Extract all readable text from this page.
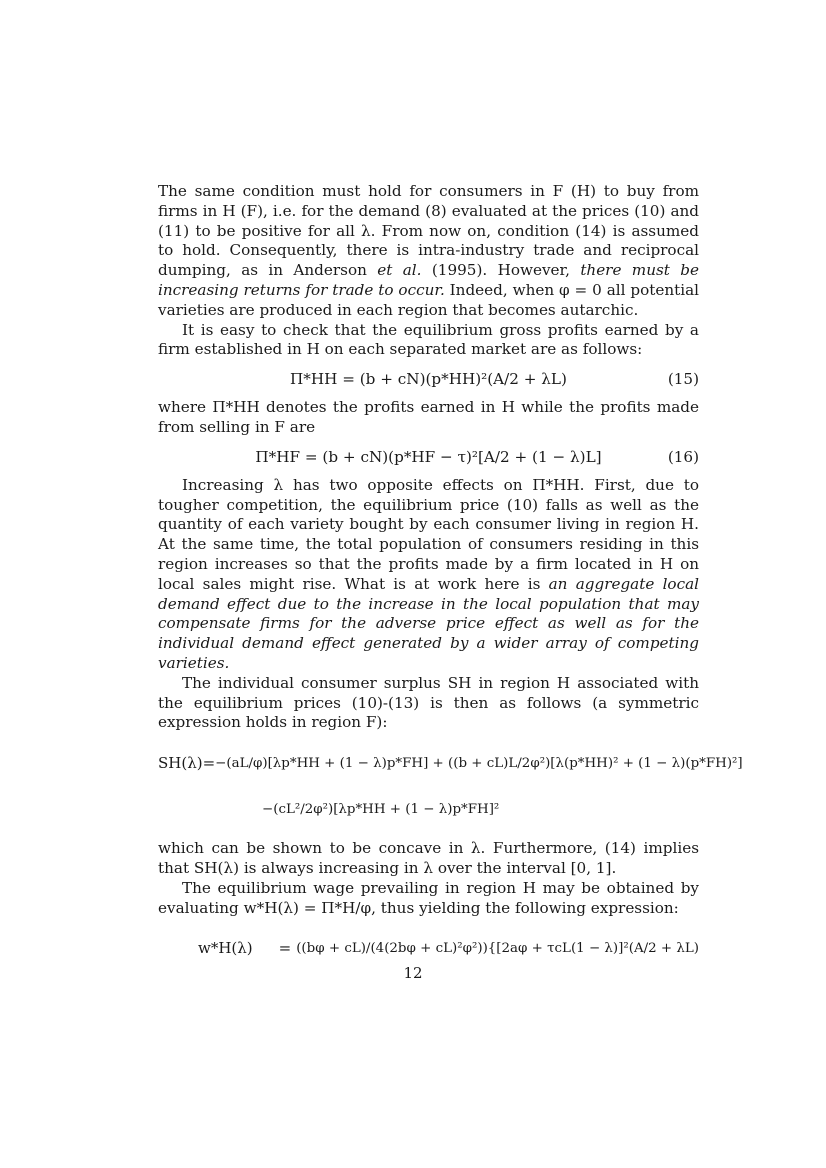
The same condition must hold for consumers in F (H) to buy from firms in H (F), i.e. for the demand (8) evaluated at the prices (10) and (11) to be positive for all λ. From now on, condition (14) is assumed to hold. Consequently, there is intra-industry trade and reciprocal dumping, as in Anderson et al. (1995). However, there must be increasing returns for trade to occur. Indeed, when φ = 0 all potential varieties are produced in each region that becomes autarchic.

It is easy to check that the equilibrium gross profits earned by a firm established in H on each separated market are as follows:

Π*HH = (b + cN)(p*HH)²(A/2 + λL)	(15)

where Π*HH denotes the profits earned in H while the profits made from selling in F are

Π*HF = (b + cN)(p*HF − τ)²[A/2 + (1 − λ)L]	(16)

Increasing λ has two opposite effects on Π*HH. First, due to tougher competition, the equilibrium price (10) falls as well as the quantity of each variety bought by each consumer living in region H. At the same time, the total population of consumers residing in this region increases so that the profits made by a firm located in H on local sales might rise. What is at work here is an aggregate local demand effect due to the increase in the local population that may compensate firms for the adverse price effect as well as for the individual demand effect generated by a wider array of competing varieties.

The individual consumer surplus SH in region H associated with the equilibrium prices (10)-(13) is then as follows (a symmetric expression holds in region F):

SH(λ) = −(aL/φ)[λp*HH + (1 − λ)p*FH] + ((b + cL)L/2φ²)[λ(p*HH)² + (1 − λ)(p*FH)²]
−(cL²/2φ²)[λp*HH + (1 − λ)p*FH]²

which can be shown to be concave in λ. Furthermore, (14) implies that SH(λ) is always increasing in λ over the interval [0, 1].

The equilibrium wage prevailing in region H may be obtained by evaluating w*H(λ) = Π*H/φ, thus yielding the following expression:

w*H(λ)	= ((bφ + cL)/(4(2bφ + cL)²φ²)){[2aφ + τcL(1 − λ)]²(A/2 + λL)
12
